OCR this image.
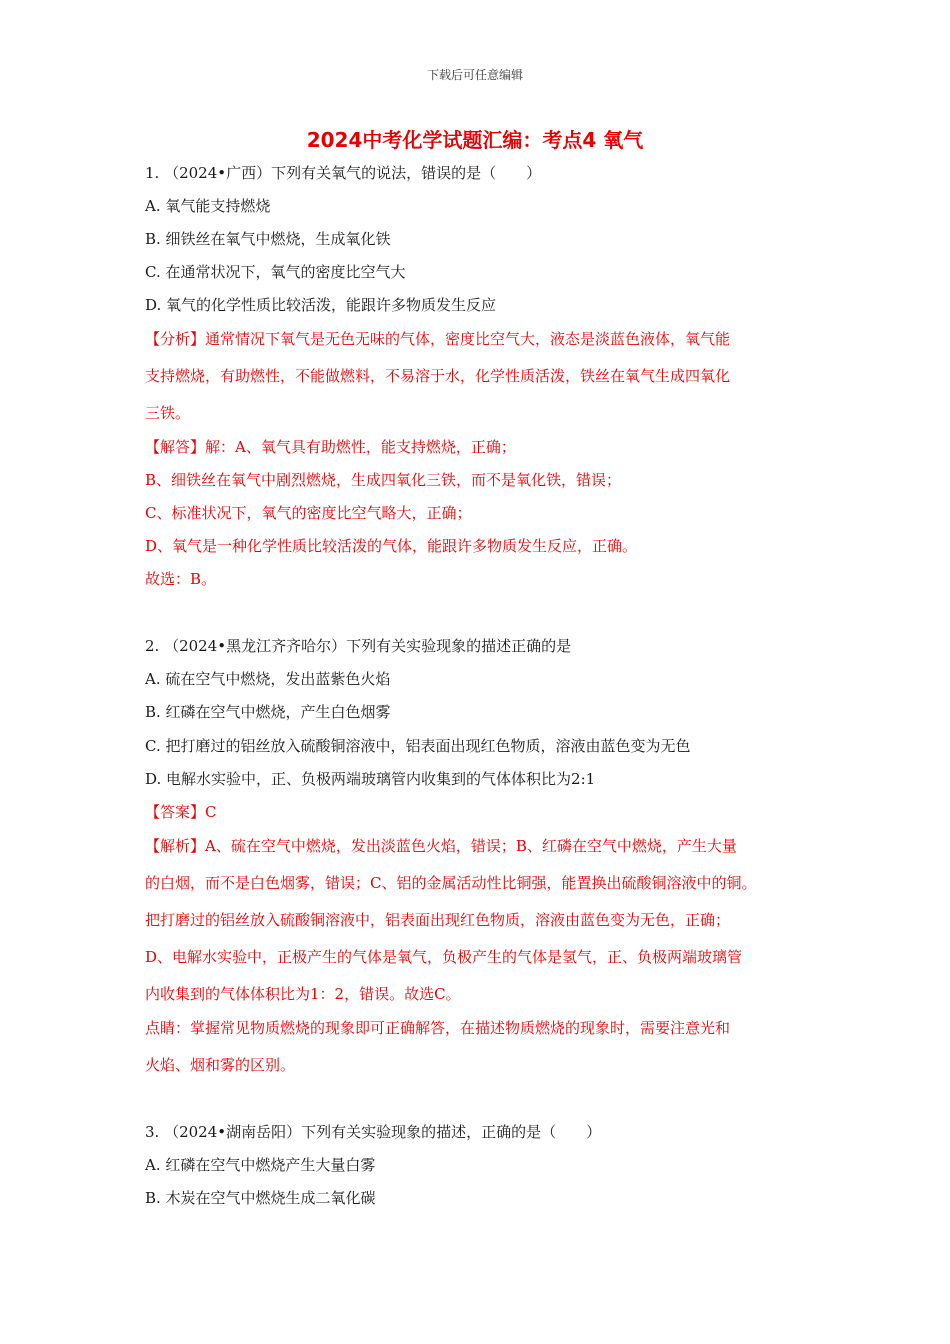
下载后可任意编辑
2024中考化学试题汇编：考点4 氧气
1. （2024•广西）下列有关氧气的说法，错误的是（　　）
A. 氧气能支持燃烧
B. 细铁丝在氧气中燃烧，生成氧化铁
C. 在通常状况下，氧气的密度比空气大
D. 氧气的化学性质比较活泼，能跟许多物质发生反应
【分析】通常情况下氧气是无色无味的气体，密度比空气大，液态是淡蓝色液体，氧气能
支持燃烧，有助燃性，不能做燃料，不易溶于水，化学性质活泼，铁丝在氧气生成四氧化
三铁。
【解答】解：A、氧气具有助燃性，能支持燃烧，正确；
B、细铁丝在氧气中剧烈燃烧，生成四氧化三铁，而不是氧化铁，错误；
C、标准状况下，氧气的密度比空气略大，正确；
D、氧气是一种化学性质比较活泼的气体，能跟许多物质发生反应，正确。
故选：B。
2. （2024•黑龙江齐齐哈尔）下列有关实验现象的描述正确的是
A. 硫在空气中燃烧，发出蓝紫色火焰
B. 红磷在空气中燃烧，产生白色烟雾
C. 把打磨过的铝丝放入硫酸铜溶液中，铝表面出现红色物质，溶液由蓝色变为无色
D. 电解水实验中，正、负极两端玻璃管内收集到的气体体积比为2:1
【答案】C
【解析】A、硫在空气中燃烧，发出淡蓝色火焰，错误；B、红磷在空气中燃烧，产生大量
的白烟，而不是白色烟雾，错误；C、铝的金属活动性比铜强，能置换出硫酸铜溶液中的铜。
把打磨过的铝丝放入硫酸铜溶液中，铝表面出现红色物质，溶液由蓝色变为无色，正确；
D、电解水实验中，正极产生的气体是氧气，负极产生的气体是氢气，正、负极两端玻璃管
内收集到的气体体积比为1：2，错误。故选C。
点睛：掌握常见物质燃烧的现象即可正确解答，在描述物质燃烧的现象时，需要注意光和
火焰、烟和雾的区别。
3. （2024•湖南岳阳）下列有关实验现象的描述，正确的是（　　）
A. 红磷在空气中燃烧产生大量白雾
B. 木炭在空气中燃烧生成二氧化碳
